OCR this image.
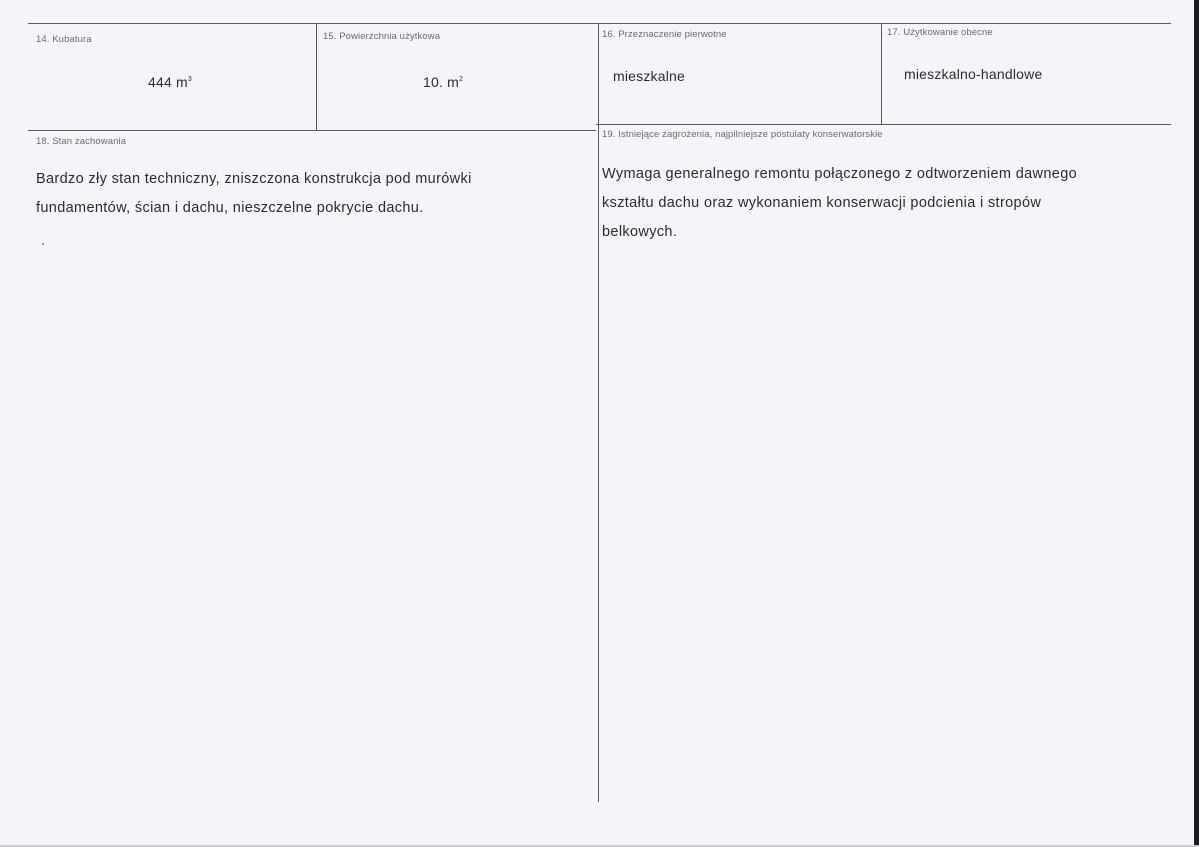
14. Kubatura
444 $m^3$
15. Powierzchnia użytkowa
10. $m^2$
16. Przeznaczenie pierwotne
mieszkalne
17. Użytkowanie obecne
mieszkalno-handlowe
18. Stan zachowania
Bardzo zły stan techniczny, zniszczona konstrukcja pod murówki
fundamentów, ścian i dachu, nieszczelne pokrycie dachu.
19. Istniejące zagrożenia, najpilniejsze postulaty konserwatorskie
Wymaga generalnego remontu połączonego z odtworzeniem dawnego
kształtu dachu oraz wykonaniem konserwacji podcienia i stropów
belkowych.
